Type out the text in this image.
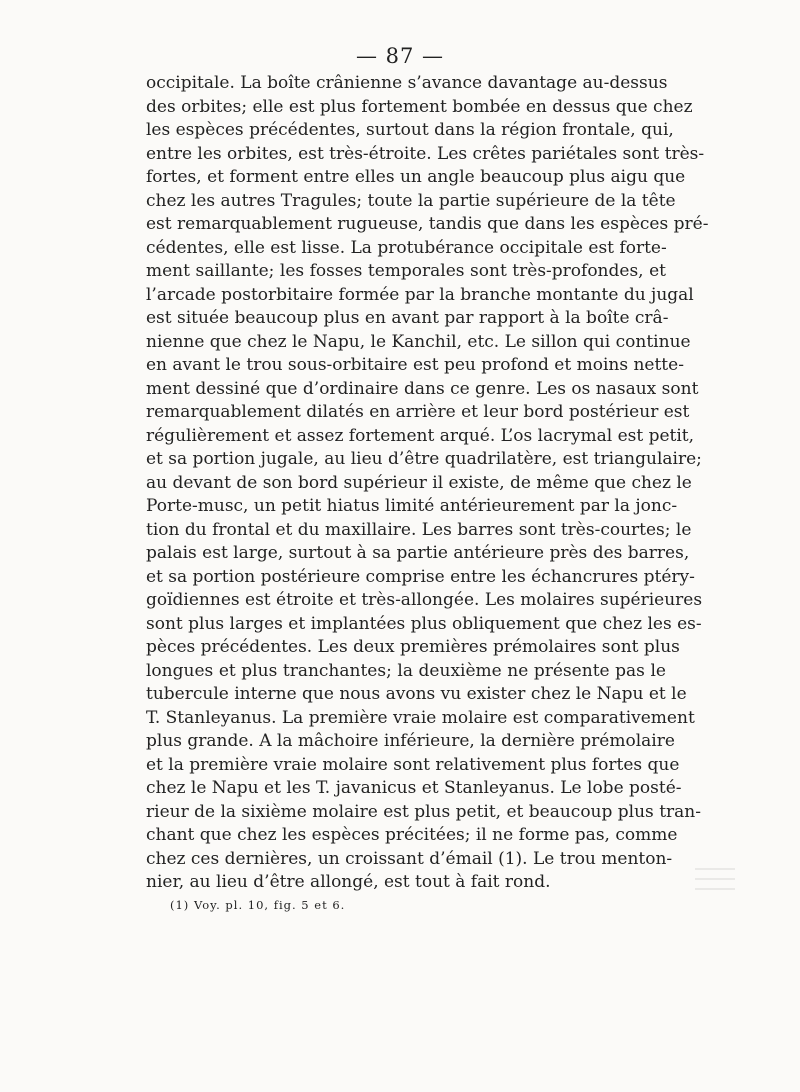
— 87 —
occipitale. La boîte crânienne s’avance davantage au-dessus
des orbites; elle est plus fortement bombée en dessus que chez
les espèces précédentes, surtout dans la région frontale, qui,
entre les orbites, est très-étroite. Les crêtes pariétales sont très-
fortes, et forment entre elles un angle beaucoup plus aigu que
chez les autres Tragules; toute la partie supérieure de la tête
est remarquablement rugueuse, tandis que dans les espèces pré-
cédentes, elle est lisse. La protubérance occipitale est forte-
ment saillante; les fosses temporales sont très-profondes, et
l’arcade postorbitaire formée par la branche montante du jugal
est située beaucoup plus en avant par rapport à la boîte crâ-
nienne que chez le Napu, le Kanchil, etc. Le sillon qui continue
en avant le trou sous-orbitaire est peu profond et moins nette-
ment dessiné que d’ordinaire dans ce genre. Les os nasaux sont
remarquablement dilatés en arrière et leur bord postérieur est
régulièrement et assez fortement arqué. L’os lacrymal est petit,
et sa portion jugale, au lieu d’être quadrilatère, est triangulaire;
au devant de son bord supérieur il existe, de même que chez le
Porte-musc, un petit hiatus limité antérieurement par la jonc-
tion du frontal et du maxillaire. Les barres sont très-courtes; le
palais est large, surtout à sa partie antérieure près des barres,
et sa portion postérieure comprise entre les échancrures ptéry-
goïdiennes est étroite et très-allongée. Les molaires supérieures
sont plus larges et implantées plus obliquement que chez les es-
pèces précédentes. Les deux premières prémolaires sont plus
longues et plus tranchantes; la deuxième ne présente pas le
tubercule interne que nous avons vu exister chez le Napu et le
T. Stanleyanus. La première vraie molaire est comparativement
plus grande. A la mâchoire inférieure, la dernière prémolaire
et la première vraie molaire sont relativement plus fortes que
chez le Napu et les T. javanicus et Stanleyanus. Le lobe posté-
rieur de la sixième molaire est plus petit, et beaucoup plus tran-
chant que chez les espèces précitées; il ne forme pas, comme
chez ces dernières, un croissant d’émail (1). Le trou menton-
nier, au lieu d’être allongé, est tout à fait rond.
(1) Voy. pl. 10, fig. 5 et 6.
